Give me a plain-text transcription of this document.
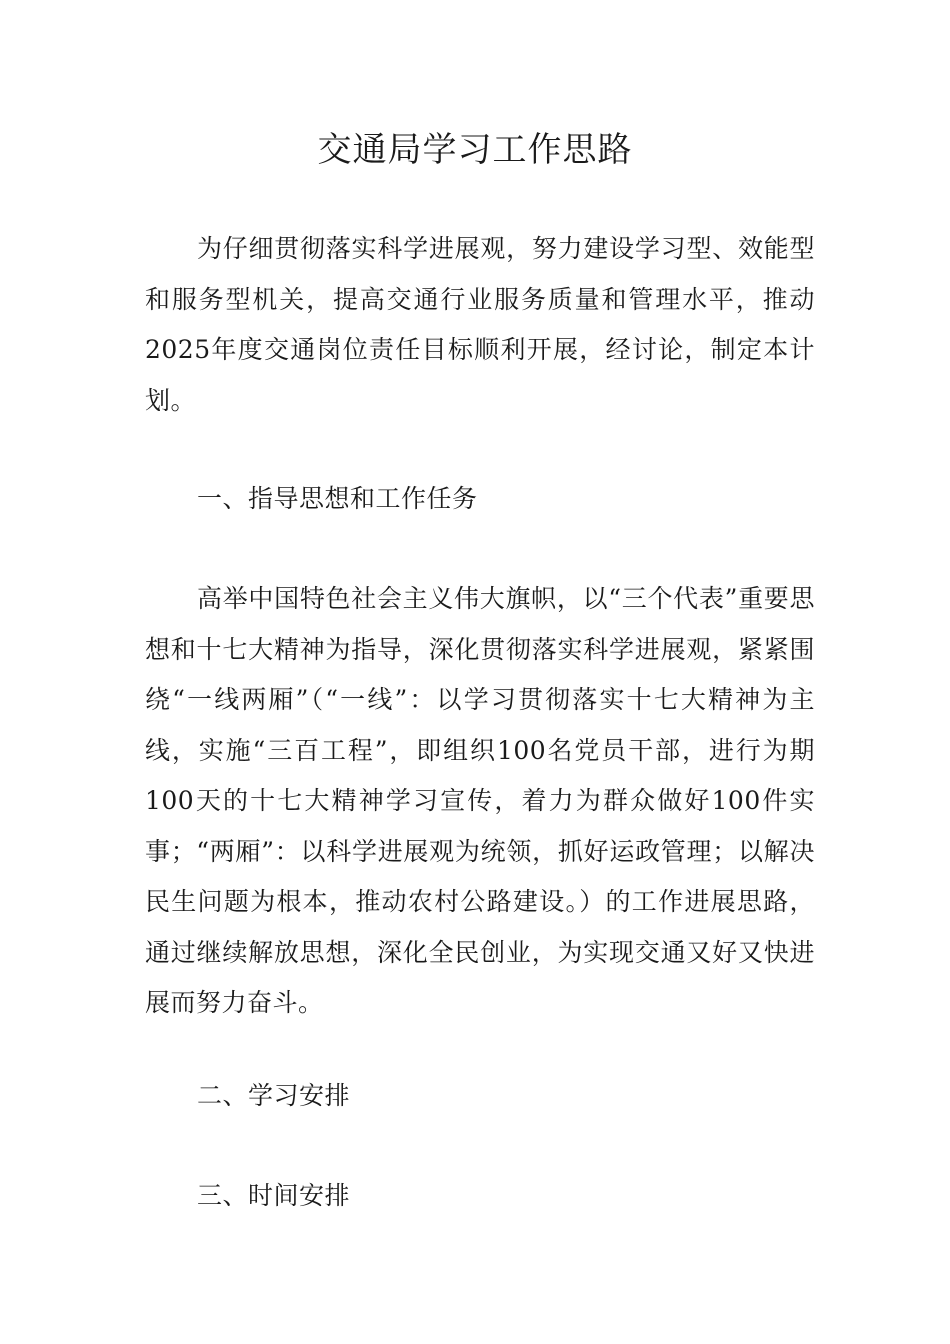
交通局学习工作思路

为仔细贯彻落实科学进展观，努力建设学习型、效能型和服务型机关，提高交通行业服务质量和管理水平，推动2025年度交通岗位责任目标顺利开展，经讨论，制定本计划。

一、指导思想和工作任务

高举中国特色社会主义伟大旗帜，以“三个代表”重要思想和十七大精神为指导，深化贯彻落实科学进展观，紧紧围绕“一线两厢”（“一线”：以学习贯彻落实十七大精神为主线，实施“三百工程”，即组织100名党员干部，进行为期100天的十七大精神学习宣传，着力为群众做好100件实事；“两厢”：以科学进展观为统领，抓好运政管理；以解决民生问题为根本，推动农村公路建设。）的工作进展思路，通过继续解放思想，深化全民创业，为实现交通又好又快进展而努力奋斗。

二、学习安排
三、时间安排
